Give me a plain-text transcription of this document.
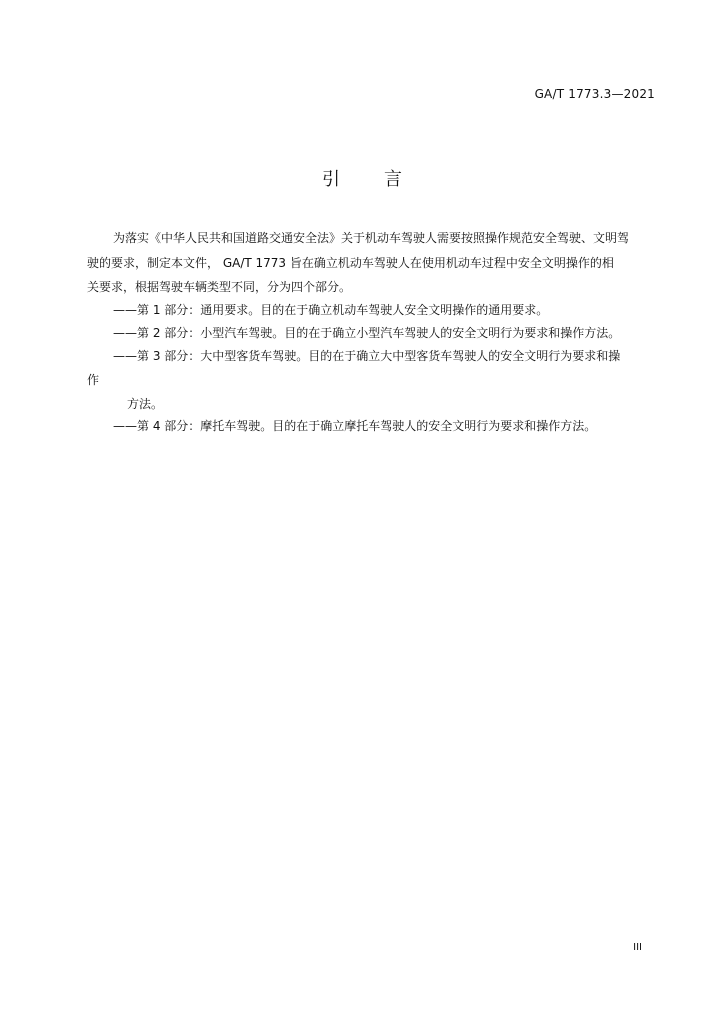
GA/T 1773.3—2021
引 言
为落实《中华人民共和国道路交通安全法》关于机动车驾驶人需要按照操作规范安全驾驶、文明驾
驶的要求，制定本文件， GA/T 1773 旨在确立机动车驾驶人在使用机动车过程中安全文明操作的相
关要求，根据驾驶车辆类型不同，分为四个部分。
——第 1 部分：通用要求。目的在于确立机动车驾驶人安全文明操作的通用要求。
——第 2 部分：小型汽车驾驶。目的在于确立小型汽车驾驶人的安全文明行为要求和操作方法。
——第 3 部分：大中型客货车驾驶。目的在于确立大中型客货车驾驶人的安全文明行为要求和操
作
方法。
——第 4 部分：摩托车驾驶。目的在于确立摩托车驾驶人的安全文明行为要求和操作方法。
III
